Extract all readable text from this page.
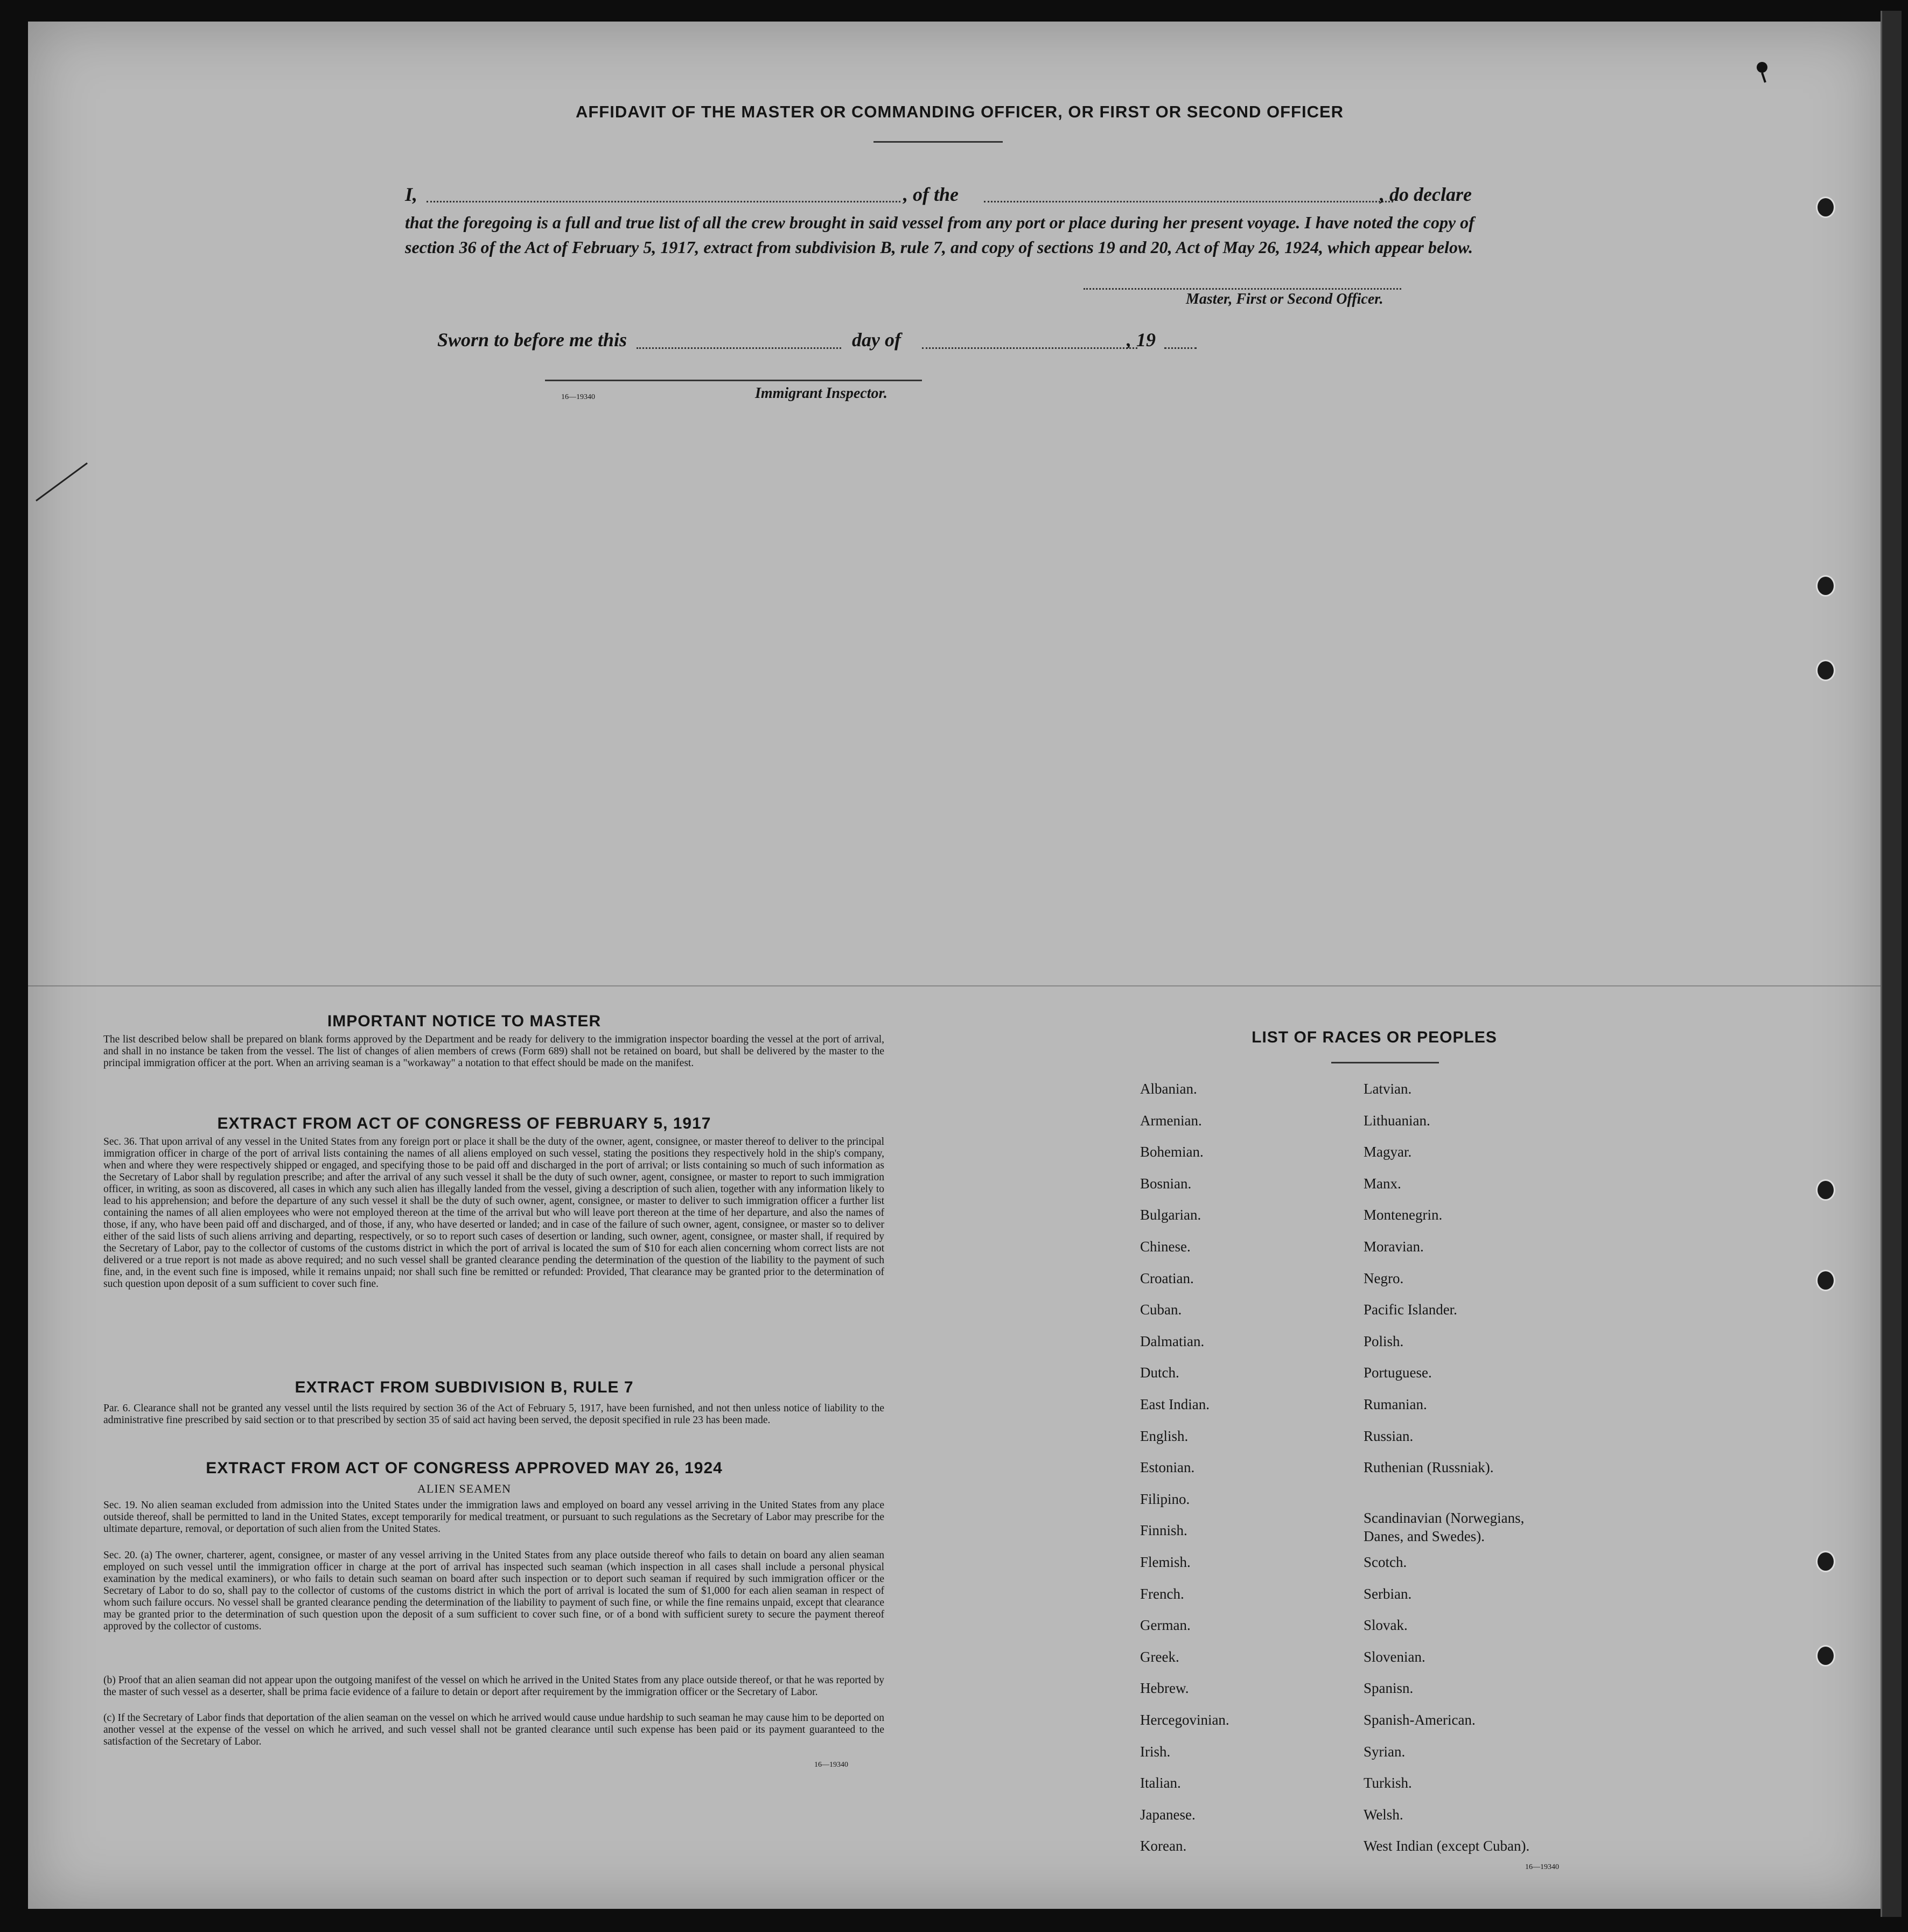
AFFIDAVIT OF THE MASTER OR COMMANDING OFFICER, OR FIRST OR SECOND OFFICER
I,	, of the	, do declare
that the foregoing is a full and true list of all the crew brought in said vessel from any port or place during her present voyage. I have noted the copy of section 36 of the Act of February 5, 1917, extract from subdivision B, rule 7, and copy of sections 19 and 20, Act of May 26, 1924, which appear below.
Master, First or Second Officer.
Sworn to before me this	day of	, 19
16—19340	Immigrant Inspector.
IMPORTANT NOTICE TO MASTER
The list described below shall be prepared on blank forms approved by the Department and be ready for delivery to the immigration inspector boarding the vessel at the port of arrival, and shall in no instance be taken from the vessel. The list of changes of alien members of crews (Form 689) shall not be retained on board, but shall be delivered by the master to the principal immigration officer at the port. When an arriving seaman is a "workaway" a notation to that effect should be made on the manifest.
EXTRACT FROM ACT OF CONGRESS OF FEBRUARY 5, 1917
Sec. 36. That upon arrival of any vessel in the United States from any foreign port or place it shall be the duty of the owner, agent, consignee, or master thereof to deliver to the principal immigration officer in charge of the port of arrival lists containing the names of all aliens employed on such vessel, stating the positions they respectively hold in the ship's company, when and where they were respectively shipped or engaged, and specifying those to be paid off and discharged in the port of arrival; or lists containing so much of such information as the Secretary of Labor shall by regulation prescribe; and after the arrival of any such vessel it shall be the duty of such owner, agent, consignee, or master to report to such immigration officer, in writing, as soon as discovered, all cases in which any such alien has illegally landed from the vessel, giving a description of such alien, together with any information likely to lead to his apprehension; and before the departure of any such vessel it shall be the duty of such owner, agent, consignee, or master to deliver to such immigration officer a further list containing the names of all alien employees who were not employed thereon at the time of the arrival but who will leave port thereon at the time of her departure, and also the names of those, if any, who have been paid off and discharged, and of those, if any, who have deserted or landed; and in case of the failure of such owner, agent, consignee, or master so to deliver either of the said lists of such aliens arriving and departing, respectively, or so to report such cases of desertion or landing, such owner, agent, consignee, or master shall, if required by the Secretary of Labor, pay to the collector of customs of the customs district in which the port of arrival is located the sum of $10 for each alien concerning whom correct lists are not delivered or a true report is not made as above required; and no such vessel shall be granted clearance pending the determination of the question of the liability to the payment of such fine, and, in the event such fine is imposed, while it remains unpaid; nor shall such fine be remitted or refunded: Provided, That clearance may be granted prior to the determination of such question upon deposit of a sum sufficient to cover such fine.
EXTRACT FROM SUBDIVISION B, RULE 7
Par. 6. Clearance shall not be granted any vessel until the lists required by section 36 of the Act of February 5, 1917, have been furnished, and not then unless notice of liability to the administrative fine prescribed by said section or to that prescribed by section 35 of said act having been served, the deposit specified in rule 23 has been made.
EXTRACT FROM ACT OF CONGRESS APPROVED MAY 26, 1924
ALIEN SEAMEN
Sec. 19. No alien seaman excluded from admission into the United States under the immigration laws and employed on board any vessel arriving in the United States from any place outside thereof, shall be permitted to land in the United States, except temporarily for medical treatment, or pursuant to such regulations as the Secretary of Labor may prescribe for the ultimate departure, removal, or deportation of such alien from the United States.
Sec. 20. (a) The owner, charterer, agent, consignee, or master of any vessel arriving in the United States from any place outside thereof who fails to detain on board any alien seaman employed on such vessel until the immigration officer in charge at the port of arrival has inspected such seaman (which inspection in all cases shall include a personal physical examination by the medical examiners), or who fails to detain such seaman on board after such inspection or to deport such seaman if required by such immigration officer or the Secretary of Labor to do so, shall pay to the collector of customs of the customs district in which the port of arrival is located the sum of $1,000 for each alien seaman in respect of whom such failure occurs. No vessel shall be granted clearance pending the determination of the liability to payment of such fine, or while the fine remains unpaid, except that clearance may be granted prior to the determination of such question upon the deposit of a sum sufficient to cover such fine, or of a bond with sufficient surety to secure the payment thereof approved by the collector of customs.
(b) Proof that an alien seaman did not appear upon the outgoing manifest of the vessel on which he arrived in the United States from any place outside thereof, or that he was reported by the master of such vessel as a deserter, shall be prima facie evidence of a failure to detain or deport after requirement by the immigration officer or the Secretary of Labor.
(c) If the Secretary of Labor finds that deportation of the alien seaman on the vessel on which he arrived would cause undue hardship to such seaman he may cause him to be deported on another vessel at the expense of the vessel on which he arrived, and such vessel shall not be granted clearance until such expense has been paid or its payment guaranteed to the satisfaction of the Secretary of Labor.
16—19340
LIST OF RACES OR PEOPLES
16—19340
Albanian.
Armenian.
Bohemian.
Bosnian.
Bulgarian.
Chinese.
Croatian.
Cuban.
Dalmatian.
Dutch.
East Indian.
English.
Estonian.
Filipino.
Finnish.
Flemish.
French.
German.
Greek.
Hebrew.
Hercegovinian.
Irish.
Italian.
Japanese.
Korean.
Latvian.
Lithuanian.
Magyar.
Manx.
Montenegrin.
Moravian.
Negro.
Pacific Islander.
Polish.
Portuguese.
Rumanian.
Russian.
Ruthenian (Russniak).
Scandinavian (Norwegians,
Danes, and Swedes).
Scotch.
Serbian.
Slovak.
Slovenian.
Spanisn.
Spanish-American.
Syrian.
Turkish.
Welsh.
West Indian (except Cuban).
